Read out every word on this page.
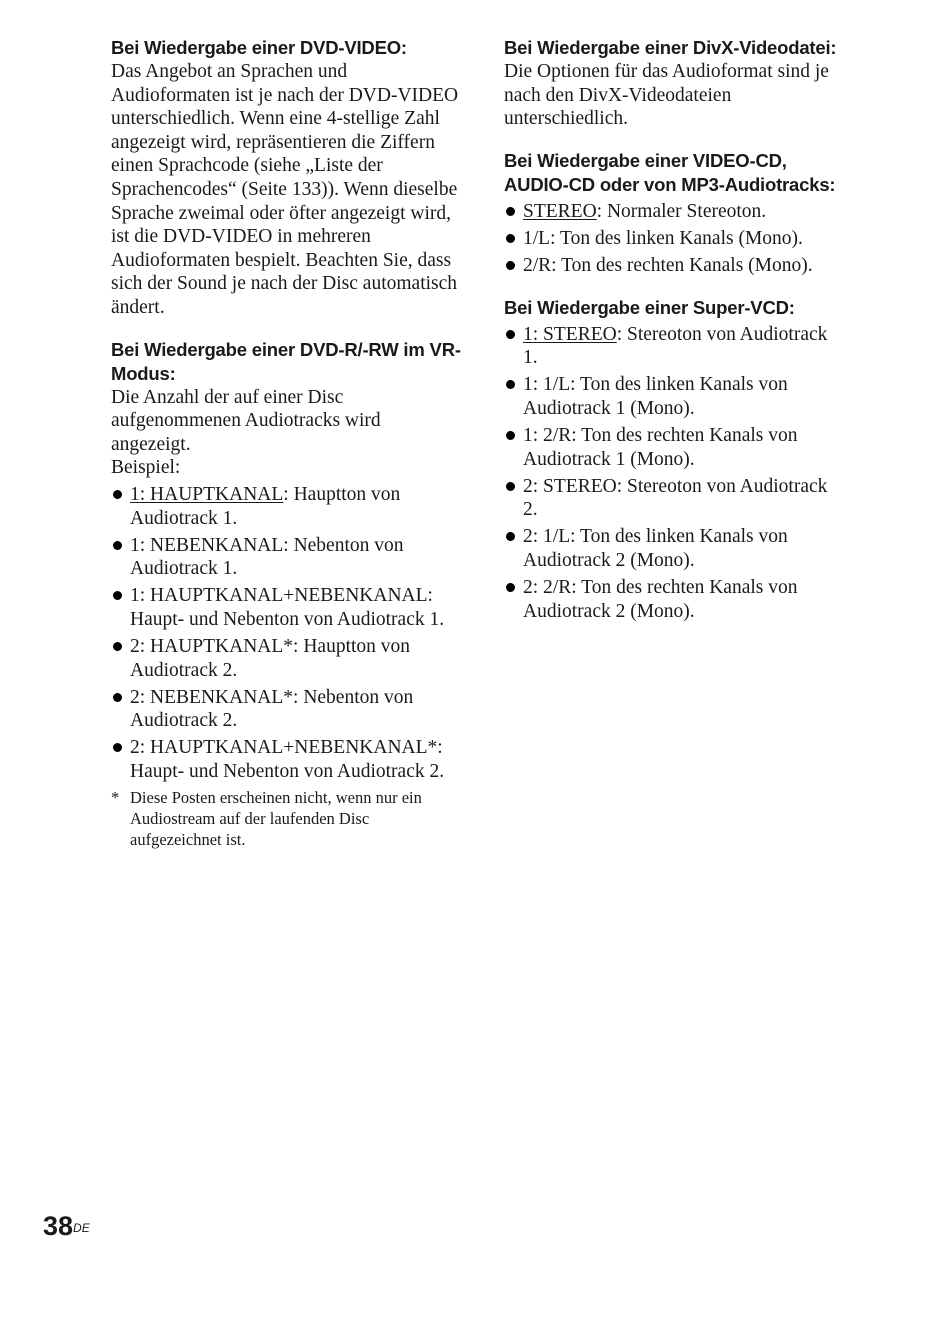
Bei Wiedergabe einer DVD-VIDEO:

Das Angebot an Sprachen und Audioformaten ist je nach der DVD-VIDEO unterschiedlich. Wenn eine 4-stellige Zahl angezeigt wird, repräsentieren die Ziffern einen Sprachcode (siehe „Liste der Sprachencodes“ (Seite 133)). Wenn dieselbe Sprache zweimal oder öfter angezeigt wird, ist die DVD-VIDEO in mehreren Audioformaten bespielt. Beachten Sie, dass sich der Sound je nach der Disc automatisch ändert.

Bei Wiedergabe einer DVD-R/-RW im VR-Modus:

Die Anzahl der auf einer Disc aufgenommenen Audiotracks wird angezeigt.

Beispiel:

1: HAUPTKANAL: Hauptton von Audiotrack 1.
1: NEBENKANAL: Nebenton von Audiotrack 1.
1: HAUPTKANAL+NEBENKANAL: Haupt- und Nebenton von Audiotrack 1.
2: HAUPTKANAL*: Hauptton von Audiotrack 2.
2: NEBENKANAL*: Nebenton von Audiotrack 2.
2: HAUPTKANAL+NEBENKANAL*: Haupt- und Nebenton von Audiotrack 2.
* Diese Posten erscheinen nicht, wenn nur ein Audiostream auf der laufenden Disc aufgezeichnet ist.
Bei Wiedergabe einer DivX-Videodatei:

Die Optionen für das Audioformat sind je nach den DivX-Videodateien unterschiedlich.

Bei Wiedergabe einer VIDEO-CD, AUDIO-CD oder von MP3-Audiotracks:
STEREO: Normaler Stereoton.
1/L: Ton des linken Kanals (Mono).
2/R: Ton des rechten Kanals (Mono).
Bei Wiedergabe einer Super-VCD:
1: STEREO: Stereoton von Audiotrack 1.
1: 1/L: Ton des linken Kanals von Audiotrack 1 (Mono).
1: 2/R: Ton des rechten Kanals von Audiotrack 1 (Mono).
2: STEREO: Stereoton von Audiotrack 2.
2: 1/L: Ton des linken Kanals von Audiotrack 2 (Mono).
2: 2/R: Ton des rechten Kanals von Audiotrack 2 (Mono).
38DE
